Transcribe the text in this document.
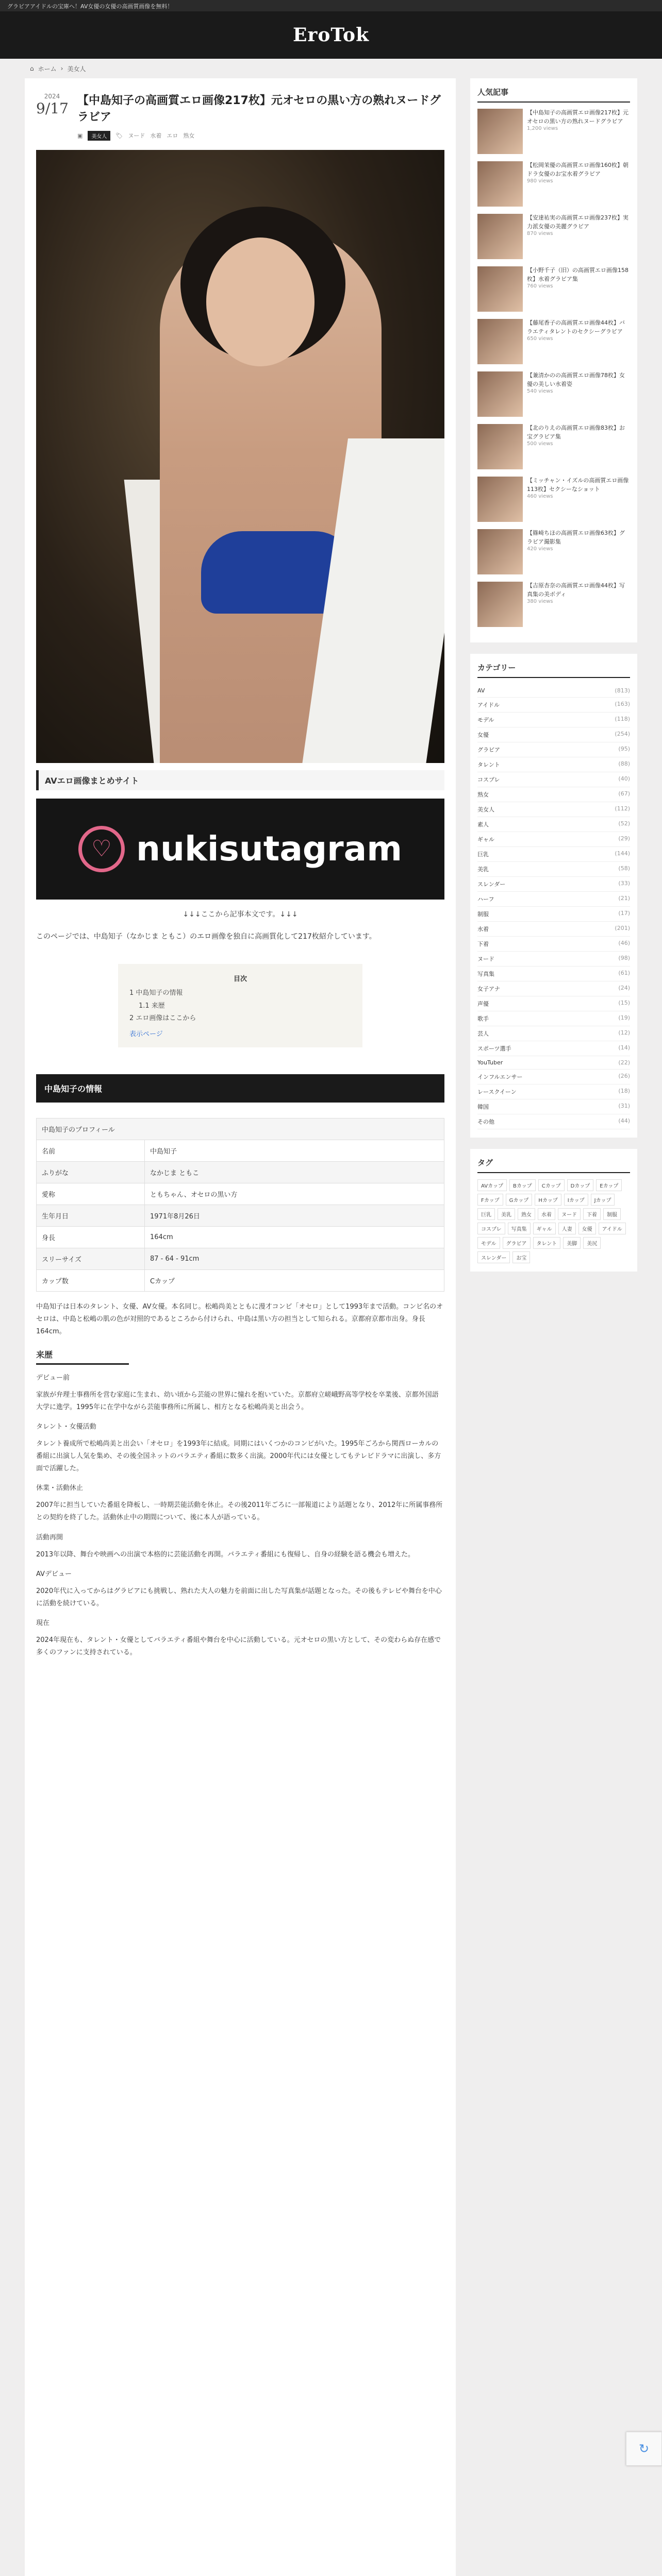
グラビアアイドルの宝庫へ！AV女優の女優の高画質画像を無料！
EroTok
⌂ ホーム › 美女人
2024
9/17 【中島知子の高画質エロ画像217枚】元オセロの黒い方の熟れヌードグラビア
▣	美女人	🏷 ヌード 水着 エロ 熟女
AVエロ画像まとめサイト
♡ nukisutagram
↓↓↓ここから記事本文です。↓↓↓

このページでは、中島知子（なかじま ともこ）のエロ画像を独自に高画質化して217枚紹介しています。

目次
1 中島知子の情報
1.1 来歴
2 エロ画像はここから
表示ページ
中島知子の情報
中島知子のプロフィール	
名前	中島知子
ふりがな	なかじま ともこ
愛称	ともちゃん、オセロの黒い方
生年月日	1971年8月26日
身長	164cm
スリーサイズ	87 - 64 - 91cm
カップ数	Cカップ

中島知子は日本のタレント、女優、AV女優。本名同じ。松嶋尚美とともに漫才コンビ「オセロ」として1993年まで活動。コンビ名のオセロは、中島と松嶋の肌の色が対照的であるところから付けられ、中島は黒い方の担当として知られる。京都府京都市出身。身長164cm。

来歴
デビュー前

家族が弁理士事務所を営む家庭に生まれ、幼い頃から芸能の世界に憧れを抱いていた。京都府立嵯峨野高等学校を卒業後、京都外国語大学に進学。1995年に在学中ながら芸能事務所に所属し、相方となる松嶋尚美と出会う。

タレント・女優活動

タレント養成所で松嶋尚美と出会い「オセロ」を1993年に結成。同期にはいくつかのコンビがいた。1995年ごろから関西ローカルの番組に出演し人気を集め、その後全国ネットのバラエティ番組に数多く出演。2000年代には女優としてもテレビドラマに出演し、多方面で活躍した。

休業・活動休止

2007年に担当していた番組を降板し、一時期芸能活動を休止。その後2011年ごろに一部報道により話題となり、2012年に所属事務所との契約を終了した。活動休止中の期間について、後に本人が語っている。

活動再開

2013年以降、舞台や映画への出演で本格的に芸能活動を再開。バラエティ番組にも復帰し、自身の経験を語る機会も増えた。

AVデビュー

2020年代に入ってからはグラビアにも挑戦し、熟れた大人の魅力を前面に出した写真集が話題となった。その後もテレビや舞台を中心に活動を続けている。

現在

2024年現在も、タレント・女優としてバラエティ番組や舞台を中心に活動している。元オセロの黒い方として、その変わらぬ存在感で多くのファンに支持されている。

人気記事
【中島知子の高画質エロ画像217枚】元オセロの黒い方の熟れヌードグラビア
1,200 views
【松岡茉優の高画質エロ画像160枚】朝ドラ女優のお宝水着グラビア
980 views
【安達祐実の高画質エロ画像237枚】実力派女優の美麗グラビア
870 views
【小野千子（旧）の高画質エロ画像158枚】水着グラビア集
760 views
【藤尾香子の高画質エロ画像44枚】バラエティタレントのセクシーグラビア
650 views
【兼清かのの高画質エロ画像78枚】女優の美しい水着姿
540 views
【北のりえの高画質エロ画像83枚】お宝グラビア集
500 views
【ミッチャン・イズルの高画質エロ画像113枚】セクシーなショット
460 views
【篠崎ちほの高画質エロ画像63枚】グラビア撮影集
420 views
【吉原杏奈の高画質エロ画像44枚】写真集の美ボディ
380 views
カテゴリー
AV	(813)
アイドル	(163)
モデル	(118)
女優	(254)
グラビア	(95)
タレント	(88)
コスプレ	(40)
熟女	(67)
美女人	(112)
素人	(52)
ギャル	(29)
巨乳	(144)
美乳	(58)
スレンダー	(33)
ハーフ	(21)
制服	(17)
水着	(201)
下着	(46)
ヌード	(98)
写真集	(61)
女子アナ	(24)
声優	(15)
歌手	(19)
芸人	(12)
スポーツ選手	(14)
YouTuber	(22)
インフルエンサー	(26)
レースクイーン	(18)
韓国	(31)
その他	(44)
タグ
AVカップ	Bカップ	Cカップ	Dカップ	Eカップ
Fカップ	Gカップ	Hカップ	Iカップ	Jカップ
巨乳	美乳	熟女	水着	ヌード	下着	制服
コスプレ	写真集	ギャル	人妻	女優	アイドル
モデル	グラビア	タレント	美脚	美尻
スレンダー	お宝
↻
